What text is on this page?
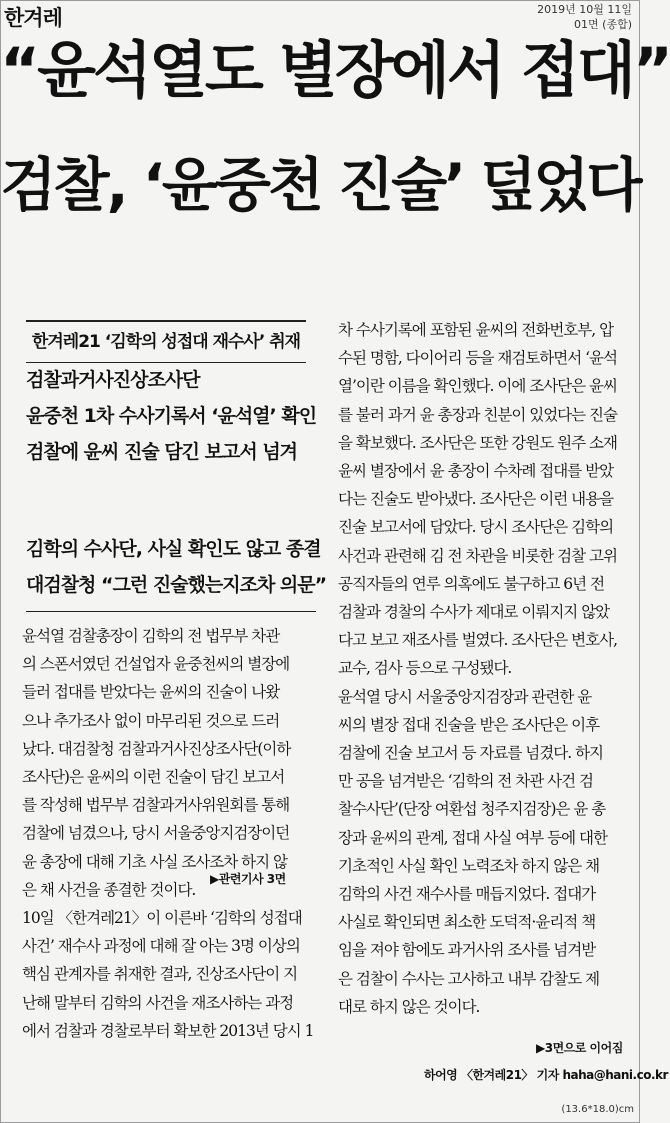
한겨레	2019년 10월 11일
01면 (종합)
“윤석열도 별장에서 접대”
검찰, ‘윤중천 진술’ 덮었다
한겨레21 ‘김학의 성접대 재수사’ 취재
검찰과거사진상조사단
윤중천 1차 수사기록서 ‘윤석열’ 확인
검찰에 윤씨 진술 담긴 보고서 넘겨
김학의 수사단, 사실 확인도 않고 종결
대검찰청 “그런 진술했는지조차 의문”
윤석열 검찰총장이 김학의 전 법무부 차관
의 스폰서였던 건설업자 윤중천씨의 별장에
들러 접대를 받았다는 윤씨의 진술이 나왔
으나 추가조사 없이 마무리된 것으로 드러
났다. 대검찰청 검찰과거사진상조사단(이하
조사단)은 윤씨의 이런 진술이 담긴 보고서
를 작성해 법무부 검찰과거사위원회를 통해
검찰에 넘겼으나, 당시 서울중앙지검장이던
윤 총장에 대해 기초 사실 조사조차 하지 않
은 채 사건을 종결한 것이다.
10일 〈한겨레21〉이 이른바 ‘김학의 성접대
사건’ 재수사 과정에 대해 잘 아는 3명 이상의
핵심 관계자를 취재한 결과, 진상조사단이 지
난해 말부터 김학의 사건을 재조사하는 과정
에서 검찰과 경찰로부터 확보한 2013년 당시 1
▶관련기사 3면
차 수사기록에 포함된 윤씨의 전화번호부, 압
수된 명함, 다이어리 등을 재검토하면서 ‘윤석
열’이란 이름을 확인했다. 이에 조사단은 윤씨
를 불러 과거 윤 총장과 친분이 있었다는 진술
을 확보했다. 조사단은 또한 강원도 원주 소재
윤씨 별장에서 윤 총장이 수차례 접대를 받았
다는 진술도 받아냈다. 조사단은 이런 내용을
진술 보고서에 담았다. 당시 조사단은 김학의
사건과 관련해 김 전 차관을 비롯한 검찰 고위
공직자들의 연루 의혹에도 불구하고 6년 전
검찰과 경찰의 수사가 제대로 이뤄지지 않았
다고 보고 재조사를 벌였다. 조사단은 변호사,
교수, 검사 등으로 구성됐다.
윤석열 당시 서울중앙지검장과 관련한 윤
씨의 별장 접대 진술을 받은 조사단은 이후
검찰에 진술 보고서 등 자료를 넘겼다. 하지
만 공을 넘겨받은 ‘김학의 전 차관 사건 검
찰수사단’(단장 여환섭 청주지검장)은 윤 총
장과 윤씨의 관계, 접대 사실 여부 등에 대한
기초적인 사실 확인 노력조차 하지 않은 채
김학의 사건 재수사를 매듭지었다. 접대가
사실로 확인되면 최소한 도덕적·윤리적 책
임을 져야 함에도 과거사위 조사를 넘겨받
은 검찰이 수사는 고사하고 내부 감찰도 제
대로 하지 않은 것이다.
▶3면으로 이어짐
하어영 〈한겨레21〉 기자 haha@hani.co.kr
(13.6*18.0)cm
